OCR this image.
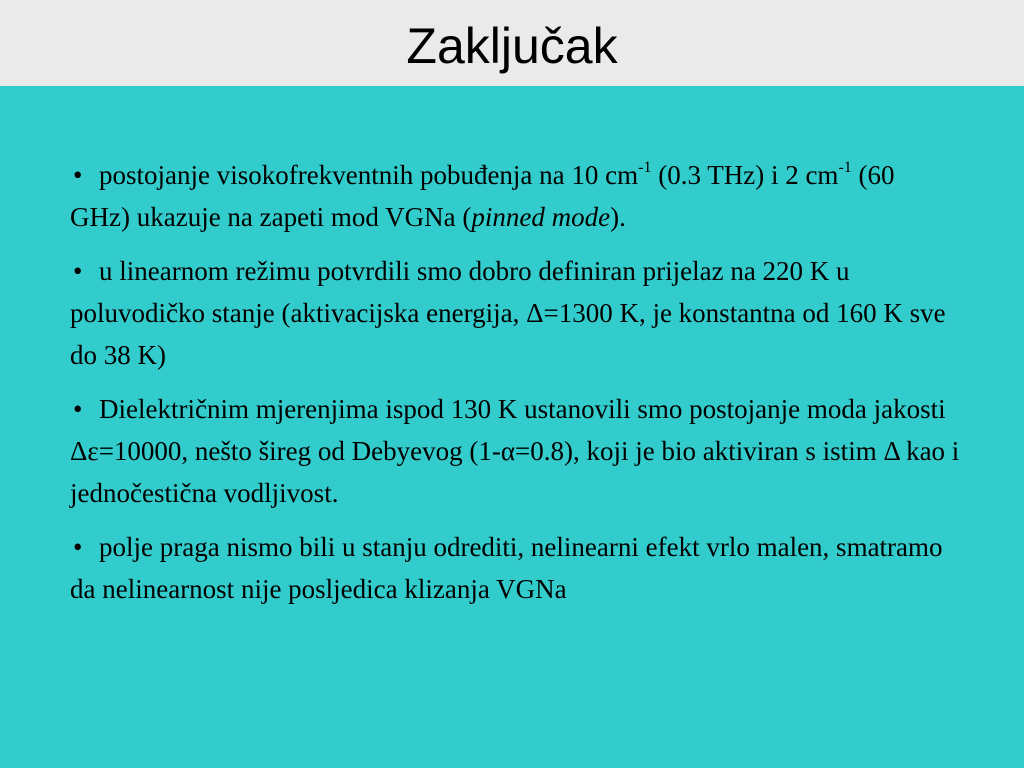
Zaključak

• postojanje visokofrekventnih pobuđenja na 10 $cm^{-1}$ (0.3 THz) i 2 $cm^{-1}$ (60 GHz) ukazuje na zapeti mod VGNa (pinned mode).

• u linearnom režimu potvrdili smo dobro definiran prijelaz na 220 K u poluvodičko stanje (aktivacijska energija, Δ=1300 K, je konstantna od 160 K sve do 38 K)

• Dielektričnim mjerenjima ispod 130 K ustanovili smo postojanje moda jakosti Δε=10000, nešto šireg od Debyevog (1-α=0.8), koji je bio aktiviran s istim Δ kao i jednočestična vodljivost.

• polje praga nismo bili u stanju odrediti, nelinearni efekt vrlo malen, smatramo da nelinearnost nije posljedica klizanja VGNa
